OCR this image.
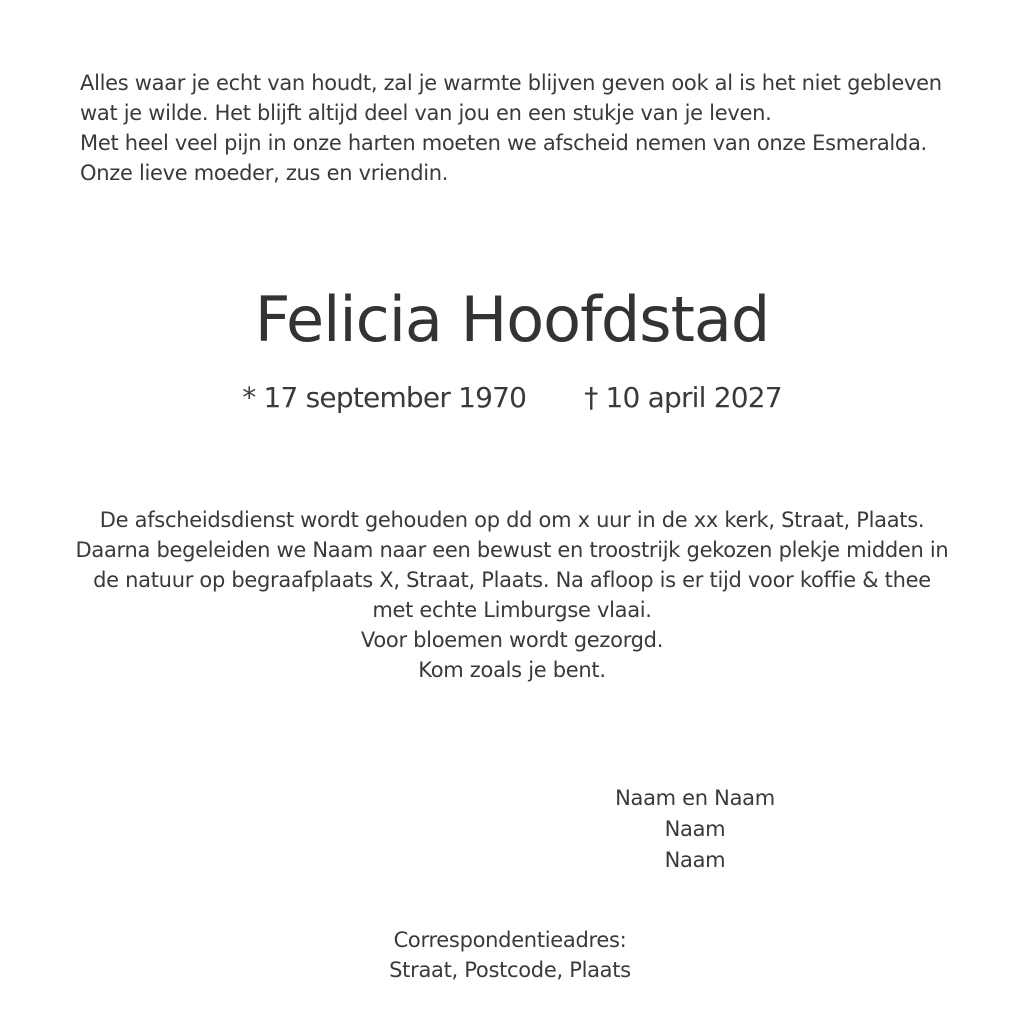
Alles waar je echt van houdt, zal je warmte blijven geven ook al is het niet gebleven
wat je wilde. Het blijft altijd deel van jou en een stukje van je leven.
Met heel veel pijn in onze harten moeten we afscheid nemen van onze Esmeralda.
Onze lieve moeder, zus en vriendin.
Felicia Hoofdstad
* 17 september 1970 † 10 april 2027
De afscheidsdienst wordt gehouden op dd om x uur in de xx kerk, Straat, Plaats.
Daarna begeleiden we Naam naar een bewust en troostrijk gekozen plekje midden in
de natuur op begraafplaats X, Straat, Plaats. Na afloop is er tijd voor koffie & thee
met echte Limburgse vlaai.
Voor bloemen wordt gezorgd.
Kom zoals je bent.
Naam en Naam
Naam
Naam
Correspondentieadres:
Straat, Postcode, Plaats
